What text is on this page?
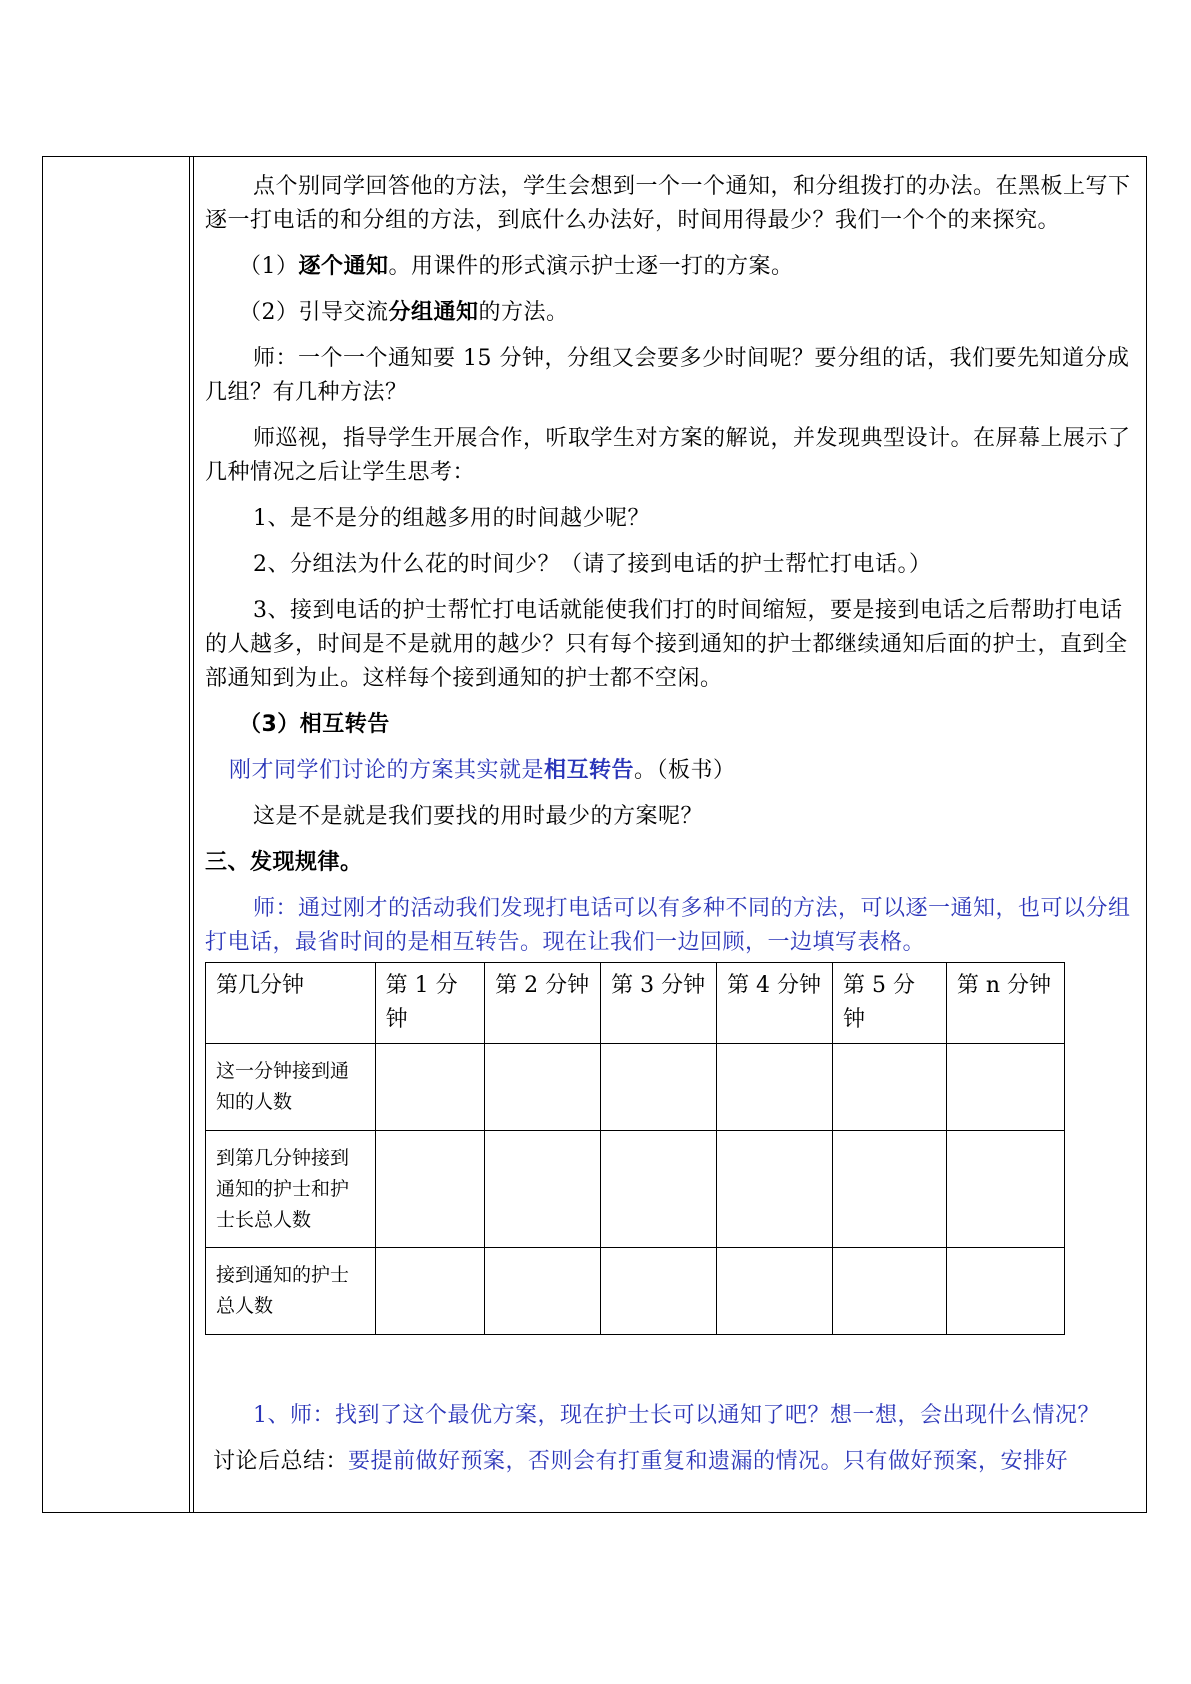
点个别同学回答他的方法，学生会想到一个一个通知，和分组拨打的办法。在黑板上写下逐一打电话的和分组的方法，到底什么办法好，时间用得最少？我们一个个的来探究。

（1）逐个通知。用课件的形式演示护士逐一打的方案。

（2）引导交流分组通知的方法。

师：一个一个通知要 15 分钟，分组又会要多少时间呢？要分组的话，我们要先知道分成几组？有几种方法？

师巡视，指导学生开展合作，听取学生对方案的解说，并发现典型设计。在屏幕上展示了几种情况之后让学生思考：

1、是不是分的组越多用的时间越少呢？

2、分组法为什么花的时间少？（请了接到电话的护士帮忙打电话。）

3、接到电话的护士帮忙打电话就能使我们打的时间缩短，要是接到电话之后帮助打电话的人越多，时间是不是就用的越少？只有每个接到通知的护士都继续通知后面的护士，直到全部通知到为止。这样每个接到通知的护士都不空闲。

（3）相互转告

刚才同学们讨论的方案其实就是相互转告。（板书）

这是不是就是我们要找的用时最少的方案呢？

三、发现规律。

师：通过刚才的活动我们发现打电话可以有多种不同的方法，可以逐一通知，也可以分组打电话，最省时间的是相互转告。现在让我们一边回顾，一边填写表格。

第几分钟	第 1 分钟	第 2 分钟	第 3 分钟	第 4 分钟	第 5 分钟	第 n 分钟
这一分钟接到通知的人数						
到第几分钟接到通知的护士和护士长总人数						
接到通知的护士总人数						

1、师：找到了这个最优方案，现在护士长可以通知了吧？想一想，会出现什么情况？

讨论后总结：要提前做好预案，否则会有打重复和遗漏的情况。只有做好预案，安排好
